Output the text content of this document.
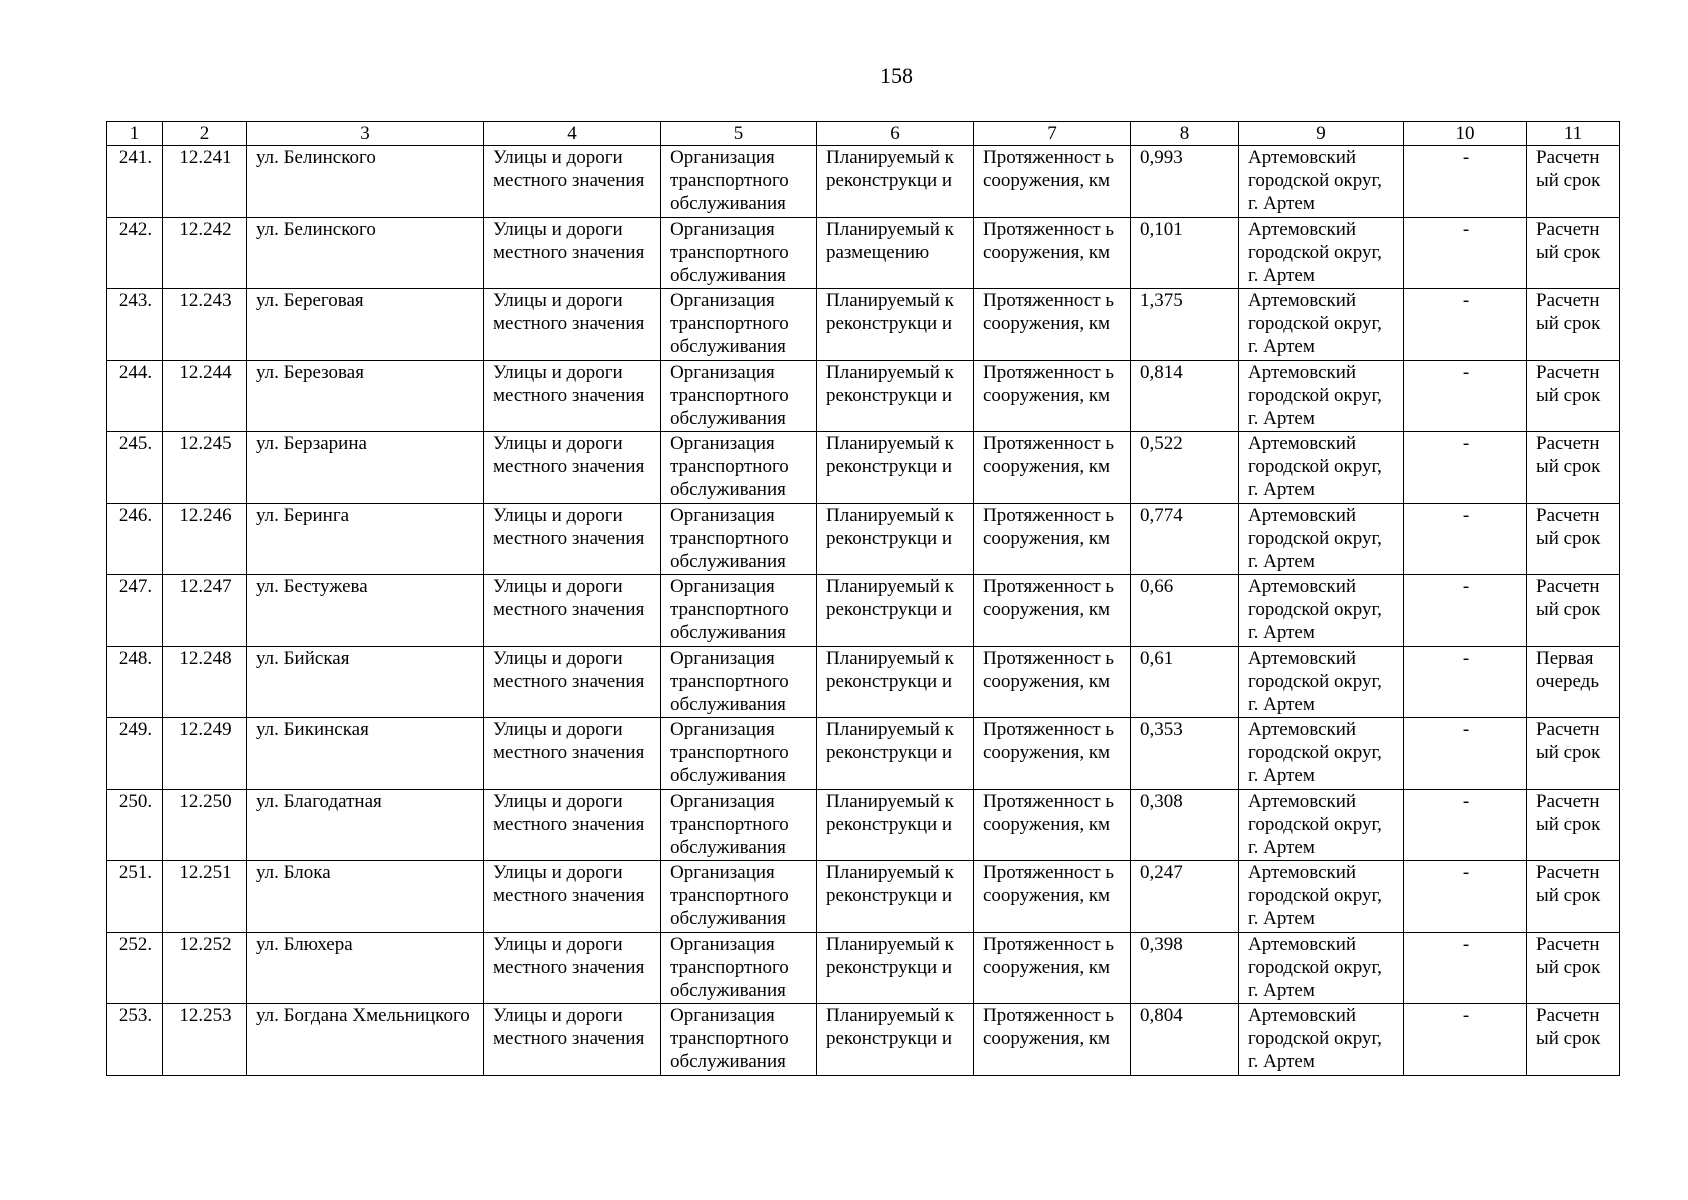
158
1	2	3	4	5	6	7	8	9	10	11
241.	12.241	ул. Белинского	Улицы и дороги местного значения	Организация транспортного обслуживания	Планируемый к реконструкци и	Протяженност ь сооружения, км	0,993	Артемовский городской округ, г. Артем	-	Расчетн ый срок
242.	12.242	ул. Белинского	Улицы и дороги местного значения	Организация транспортного обслуживания	Планируемый к размещению	Протяженност ь сооружения, км	0,101	Артемовский городской округ, г. Артем	-	Расчетн ый срок
243.	12.243	ул. Береговая	Улицы и дороги местного значения	Организация транспортного обслуживания	Планируемый к реконструкци и	Протяженност ь сооружения, км	1,375	Артемовский городской округ, г. Артем	-	Расчетн ый срок
244.	12.244	ул. Березовая	Улицы и дороги местного значения	Организация транспортного обслуживания	Планируемый к реконструкци и	Протяженност ь сооружения, км	0,814	Артемовский городской округ, г. Артем	-	Расчетн ый срок
245.	12.245	ул. Берзарина	Улицы и дороги местного значения	Организация транспортного обслуживания	Планируемый к реконструкци и	Протяженност ь сооружения, км	0,522	Артемовский городской округ, г. Артем	-	Расчетн ый срок
246.	12.246	ул. Беринга	Улицы и дороги местного значения	Организация транспортного обслуживания	Планируемый к реконструкци и	Протяженност ь сооружения, км	0,774	Артемовский городской округ, г. Артем	-	Расчетн ый срок
247.	12.247	ул. Бестужева	Улицы и дороги местного значения	Организация транспортного обслуживания	Планируемый к реконструкци и	Протяженност ь сооружения, км	0,66	Артемовский городской округ, г. Артем	-	Расчетн ый срок
248.	12.248	ул. Бийская	Улицы и дороги местного значения	Организация транспортного обслуживания	Планируемый к реконструкци и	Протяженност ь сооружения, км	0,61	Артемовский городской округ, г. Артем	-	Первая очередь
249.	12.249	ул. Бикинская	Улицы и дороги местного значения	Организация транспортного обслуживания	Планируемый к реконструкци и	Протяженност ь сооружения, км	0,353	Артемовский городской округ, г. Артем	-	Расчетн ый срок
250.	12.250	ул. Благодатная	Улицы и дороги местного значения	Организация транспортного обслуживания	Планируемый к реконструкци и	Протяженност ь сооружения, км	0,308	Артемовский городской округ, г. Артем	-	Расчетн ый срок
251.	12.251	ул. Блока	Улицы и дороги местного значения	Организация транспортного обслуживания	Планируемый к реконструкци и	Протяженност ь сооружения, км	0,247	Артемовский городской округ, г. Артем	-	Расчетн ый срок
252.	12.252	ул. Блюхера	Улицы и дороги местного значения	Организация транспортного обслуживания	Планируемый к реконструкци и	Протяженност ь сооружения, км	0,398	Артемовский городской округ, г. Артем	-	Расчетн ый срок
253.	12.253	ул. Богдана Хмельницкого	Улицы и дороги местного значения	Организация транспортного обслуживания	Планируемый к реконструкци и	Протяженност ь сооружения, км	0,804	Артемовский городской округ, г. Артем	-	Расчетн ый срок
